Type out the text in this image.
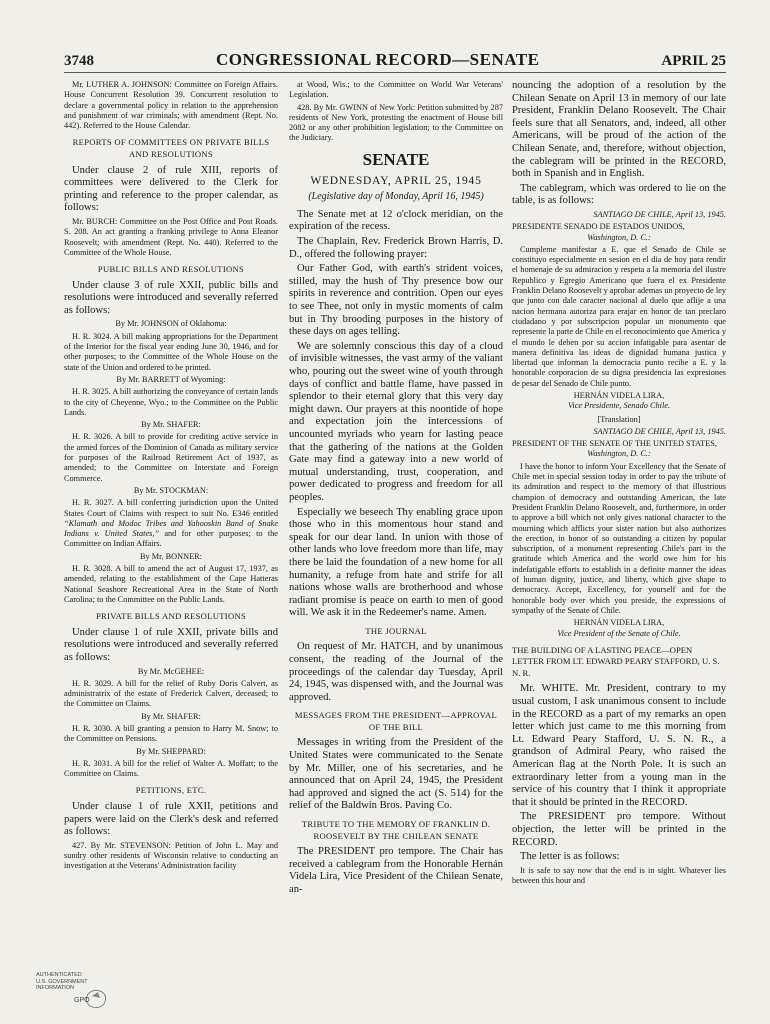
3748	CONGRESSIONAL RECORD—SENATE	APRIL 25

Mr. LUTHER A. JOHNSON: Committee on Foreign Affairs. House Concurrent Resolution 39. Concurrent resolution to declare a governmental policy in relation to the apprehension and punishment of war criminals; with amendment (Rept. No. 442). Referred to the House Calendar.

REPORTS OF COMMITTEES ON PRIVATE BILLS AND RESOLUTIONS

Under clause 2 of rule XIII, reports of committees were delivered to the Clerk for printing and reference to the proper calendar, as follows:

Mr. BURCH: Committee on the Post Office and Post Roads. S. 208. An act granting a franking privilege to Anna Eleanor Roosevelt; with amendment (Rept. No. 440). Referred to the Committee of the Whole House.

PUBLIC BILLS AND RESOLUTIONS

Under clause 3 of rule XXII, public bills and resolutions were introduced and severally referred as follows:

By Mr. JOHNSON of Oklahoma:

H. R. 3024. A bill making appropriations for the Department of the Interior for the fiscal year ending June 30, 1946, and for other purposes; to the Committee of the Whole House on the state of the Union and ordered to be printed.

By Mr. BARRETT of Wyoming:

H. R. 3025. A bill authorizing the conveyance of certain lands to the city of Cheyenne, Wyo.; to the Committee on the Public Lands.

By Mr. SHAFER:

H. R. 3026. A bill to provide for crediting active service in the armed forces of the Dominion of Canada as military service for purposes of the Railroad Retirement Act of 1937, as amended; to the Committee on Interstate and Foreign Commerce.

By Mr. STOCKMAN:

H. R. 3027. A bill conferring jurisdiction upon the United States Court of Claims with respect to suit No. E346 entitled “Klamath and Modoc Tribes and Yahooskin Band of Snake Indians v. United States,” and for other purposes; to the Committee on Indian Affairs.

By Mr. BONNER:

H. R. 3028. A bill to amend the act of August 17, 1937, as amended, relating to the establishment of the Cape Hatteras National Seashore Recreational Area in the State of North Carolina; to the Committee on the Public Lands.

PRIVATE BILLS AND RESOLUTIONS

Under clause 1 of rule XXII, private bills and resolutions were introduced and severally referred as follows:

By Mr. McGEHEE:

H. R. 3029. A bill for the relief of Ruby Doris Calvert, as administratrix of the estate of Frederick Calvert, deceased; to the Committee on Claims.

By Mr. SHAFER:

H. R. 3030. A bill granting a pension to Harry M. Snow; to the Committee on Pensions.

By Mr. SHEPPARD:

H. R. 3031. A bill for the relief of Walter A. Moffatt; to the Committee on Claims.

PETITIONS, ETC.

Under clause 1 of rule XXII, petitions and papers were laid on the Clerk's desk and referred as follows:

427. By Mr. STEVENSON: Petition of John L. May and sundry other residents of Wisconsin relative to conducting an investigation at the Veterans' Administration facility

at Wood, Wis.; to the Committee on World War Veterans' Legislation.

428. By Mr. GWINN of New York: Petition submitted by 287 residents of New York, protesting the enactment of House bill 2082 or any other prohibition legislation; to the Committee on the Judiciary.

SENATE
WEDNESDAY, APRIL 25, 1945
(Legislative day of Monday, April 16, 1945)

The Senate met at 12 o'clock meridian, on the expiration of the recess.

The Chaplain, Rev. Frederick Brown Harris, D. D., offered the following prayer:

Our Father God, with earth's strident voices, stilled, may the hush of Thy presence bow our spirits in reverence and contrition. Open our eyes to see Thee, not only in mystic moments of calm but in Thy brooding purposes in the history of these days on ages telling.

We are solemnly conscious this day of a cloud of invisible witnesses, the vast army of the valiant who, pouring out the sweet wine of youth through days of conflict and battle flame, have passed in splendor to their eternal glory that this very day might dawn. Our prayers at this noontide of hope and expectation join the intercessions of uncounted myriads who yearn for lasting peace that the gathering of the nations at the Golden Gate may find a gateway into a new world of mutual understanding, trust, cooperation, and power dedicated to progress and freedom for all peoples.

Especially we beseech Thy enabling grace upon those who in this momentous hour stand and speak for our dear land. In union with those of other lands who love freedom more than life, may there be laid the foundation of a new home for all humanity, a refuge from hate and strife for all nations whose walls are brotherhood and whose radiant promise is peace on earth to men of good will. We ask it in the Redeemer's name. Amen.

THE JOURNAL

On request of Mr. HATCH, and by unanimous consent, the reading of the Journal of the proceedings of the calendar day Tuesday, April 24, 1945, was dispensed with, and the Journal was approved.

MESSAGES FROM THE PRESIDENT—APPROVAL OF THE BILL

Messages in writing from the President of the United States were communicated to the Senate by Mr. Miller, one of his secretaries, and he announced that on April 24, 1945, the President had approved and signed the act (S. 514) for the relief of the Baldwin Bros. Paving Co.

TRIBUTE TO THE MEMORY OF FRANKLIN D. ROOSEVELT BY THE CHILEAN SENATE

The PRESIDENT pro tempore. The Chair has received a cablegram from the Honorable Hernán Videla Lira, Vice President of the Chilean Senate, an-

nouncing the adoption of a resolution by the Chilean Senate on April 13 in memory of our late President, Franklin Delano Roosevelt. The Chair feels sure that all Senators, and, indeed, all other Americans, will be proud of the action of the Chilean Senate, and, therefore, without objection, the cablegram will be printed in the RECORD, both in Spanish and in English.

The cablegram, which was ordered to lie on the table, is as follows:

SANTIAGO DE CHILE, April 13, 1945.
PRESIDENTE SENADO DE ESTADOS UNIDOS,
Washington, D. C.:

Cumpleme manifestar a E. que el Senado de Chile se constituyo especialmente en sesion en el dia de hoy para rendir el homenaje de su admiracion y respeta a la memoria del ilustre Republico y Egregio Americano que fuera el ex Presidente Franklin Delano Roosevelt y aprobar ademas un proyecto de ley que junto con dale caracter nacional al duelo que aflije a una nacion hermana autoriza para erajar en honor de tan preclaro ciudadano y por subscripcion popular un monumento que represente la parte de Chile en el reconocimiento que America y el mundo le deben por su accion infatigable para asentar de manera definitiva las ideas de dignidad humana justica y libertad que informan la democracia punto recibe a E. y la honorable corporacion de su digna presidencia las expresiones de pesar del Senado de Chile punto.

HERNÁN VIDELA LIRA,
Vice Presidente, Senado Chile.
[Translation]
SANTIAGO DE CHILE, April 13, 1945.
PRESIDENT OF THE SENATE OF THE UNITED STATES,
Washington, D. C.:

I have the honor to inform Your Excellency that the Senate of Chile met in special session today in order to pay the tribute of its admiration and respect to the memory of that illustrious champion of democracy and outstanding American, the late President Franklin Delano Roosevelt, and, furthermore, in order to approve a bill which not only gives national character to the mourning which afflicts your sister nation but also authorizes the erection, in honor of so outstanding a citizen by popular subscription, of a monument representing Chile's part in the gratitude which America and the world owe him for his indefatigable efforts to establish in a definite manner the ideas of human dignity, justice, and liberty, which give shape to democracy. Accept, Excellency, for yourself and for the honorable body over which you preside, the expressions of sympathy of the Senate of Chile.

HERNÁN VIDELA LIRA,
Vice President of the Senate of Chile.
THE BUILDING OF A LASTING PEACE—OPEN LETTER FROM LT. EDWARD PEARY STAFFORD, U. S. N. R.

Mr. WHITE. Mr. President, contrary to my usual custom, I ask unanimous consent to include in the RECORD as a part of my remarks an open letter which just came to me this morning from Lt. Edward Peary Stafford, U. S. N. R., a grandson of Admiral Peary, who raised the American flag at the North Pole. It is such an extraordinary letter from a young man in the service of his country that I think it appropriate that it should be printed in the RECORD.

The PRESIDENT pro tempore. Without objection, the letter will be printed in the RECORD.

The letter is as follows:

It is safe to say now that the end is in sight. Whatever lies between this hour and

AUTHENTICATED
U.S. GOVERNMENT
INFORMATION
GPO
